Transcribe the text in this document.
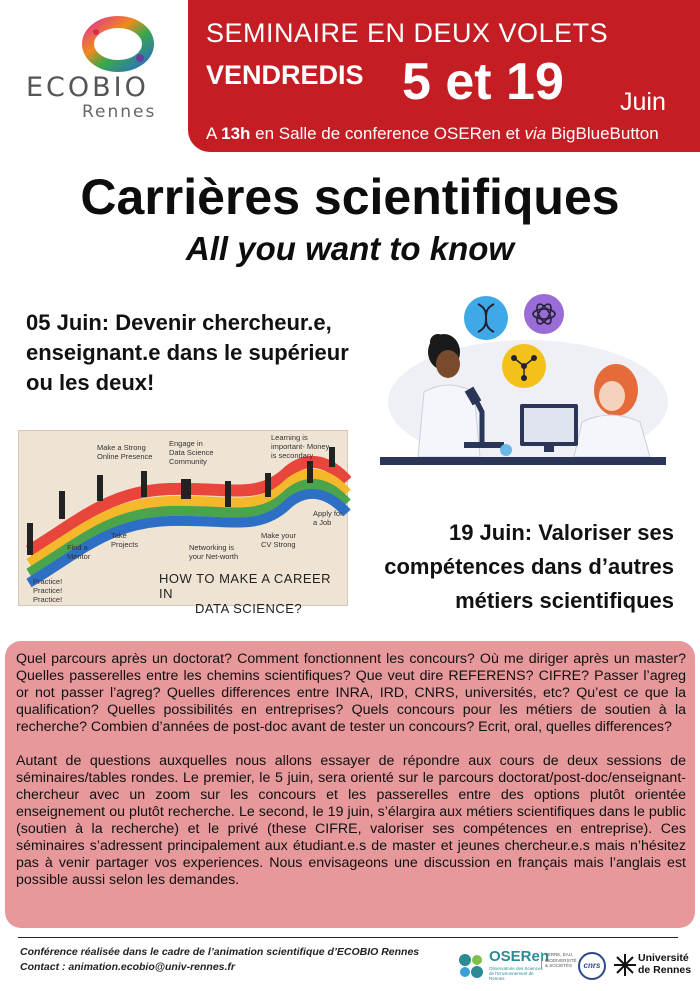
ECOBIO
Rennes
SEMINAIRE EN DEUX VOLETS
VENDREDIS 5 et 19 Juin
A 13h en Salle de conference OSERen et via BigBlueButton
Carrières scientifiques
All you want to know
05 Juin: Devenir chercheur.e,
enseignant.e dans le supérieur
ou les deux!
Practice!
Practice!
Practice!
Find a
Mentor
Take
Projects
Make a Strong
Online Presence
Engage in
Data Science
Community
Networking is
your Net-worth
Learning is
important- Money
is secondary
Make your
CV Strong
Apply for
a Job
HOW TO MAKE A CAREER IN
DATA SCIENCE?
19 Juin: Valoriser ses
compétences dans d’autres
métiers scientifiques

Quel parcours après un doctorat? Comment fonctionnent les concours? Où me diriger après un master? Quelles passerelles entre les chemins scientifiques? Que veut dire REFERENS? CIFRE? Passer l’agreg or not passer l’agreg? Quelles differences entre INRA, IRD, CNRS, universités, etc? Qu’est ce que la qualification? Quelles possibilités en entreprises? Quels concours pour les métiers de soutien à la recherche? Combien d’années de post-doc avant de tester un concours? Ecrit, oral, quelles differences?

Autant de questions auxquelles nous allons essayer de répondre aux cours de deux sessions de séminaires/tables rondes. Le premier, le 5 juin, sera orienté sur le parcours doctorat/post-doc/enseignant-chercheur avec un zoom sur les concours et les passerelles entre des options plutôt orientée enseignement ou plutôt recherche. Le second, le 19 juin, s’élargira aux métiers scientifiques dans le public (soutien à la recherche) et le privé (these CIFRE, valoriser ses compétences en entreprise). Ces séminaires s’adressent principalement aux étudiant.e.s de master et jeunes chercheur.e.s mais n’hésitez pas à venir partager vos experiences. Nous envisageons une discussion en français mais l’anglais est possible aussi selon les demandes.

Conférence réalisée dans le cadre de l’animation scientifique d’ECOBIO Rennes
Contact : animation.ecobio@univ-rennes.fr
OSERen
Observatoire des Sciences de l'Environnement de Rennes
TERRE, EAU, BIODIVERSITÉ & SOCIÉTÉS	cnrs
Université
de Rennes
